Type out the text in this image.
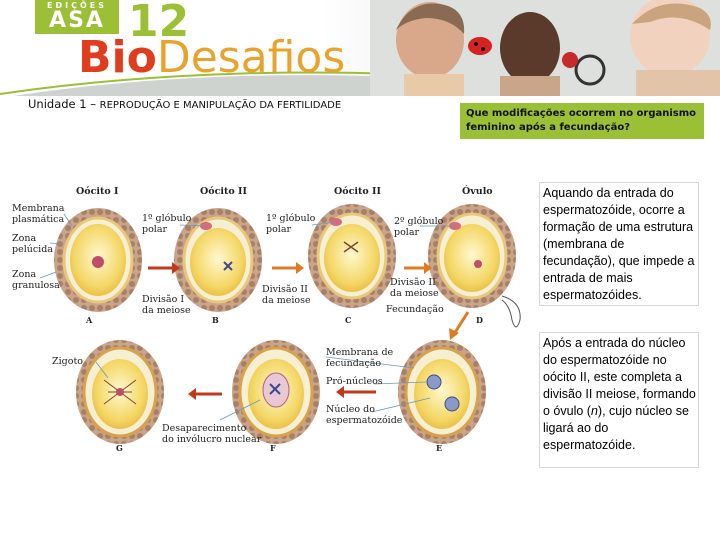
EDIÇÕES
ASA 12
BioDesafios
Unidade 1 – REPRODUÇÃO E MANIPULAÇÃO DA FERTILIDADE
Que modificações ocorrem no organismo feminino após a fecundação?
Aquando da entrada do espermatozóide, ocorre a formação de uma estrutura (membrana de fecundação), que impede a entrada de mais espermatozóides.
Após a entrada do núcleo do espermatozóide no oócito II, este completa a divisão II meiose, formando o óvulo (n), cujo núcleo se ligará ao do espermatozóide.
Oócito I	Oócito II	Oócito II	Óvulo
Membrana
plasmática
Zona
pelúcida
Zona
granulosa
1º glóbulo
polar
1º glóbulo
polar
2º glóbulo
polar
Divisão I
da meiose
Divisão II
da meiose
Divisão II
da meiose
Fecundação
Zigoto
Membrana de
fecundação
Pró-núcleos
Núcleo do
espermatozóide
Desaparecimento
do invólucro nuclear
A	B	C	D
E
F
G
